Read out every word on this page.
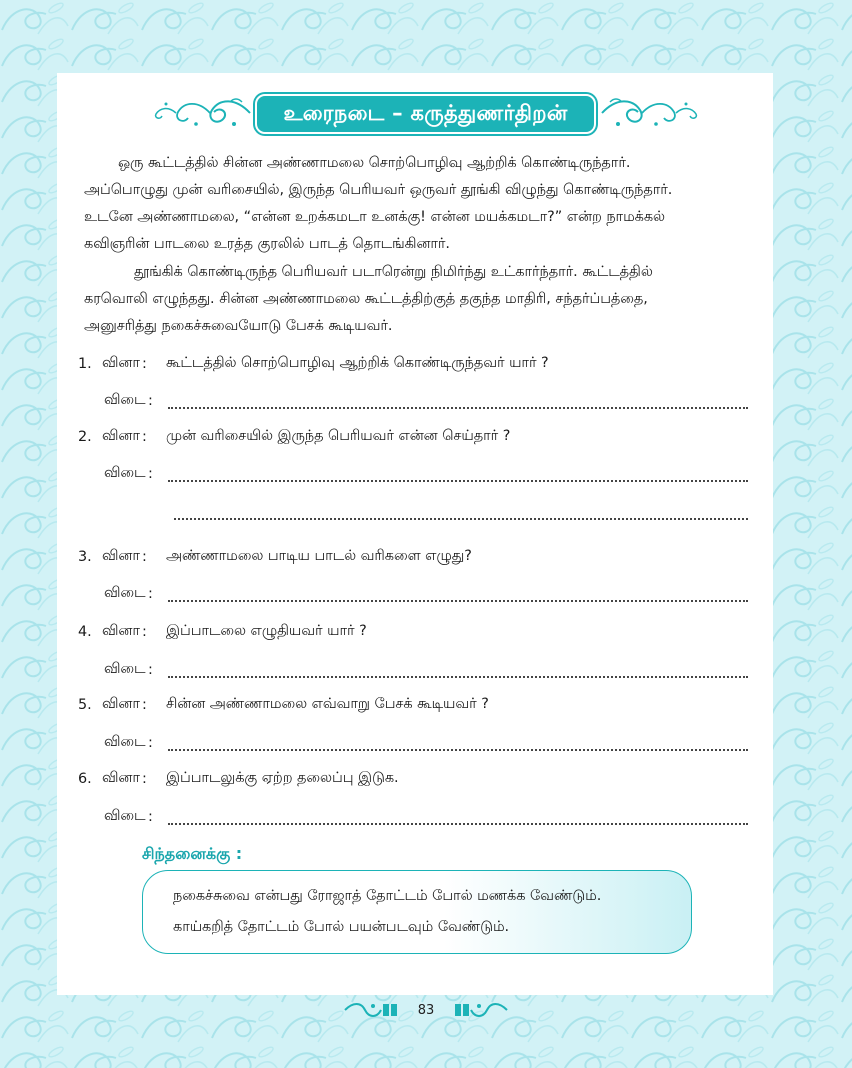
உரைநடை – கருத்துணர்திறன்
ஒரு கூட்டத்தில் சின்ன அண்ணாமலை சொற்பொழிவு ஆற்றிக் கொண்டிருந்தார்.
அப்பொழுது முன் வரிசையில், இருந்த பெரியவர் ஒருவர் தூங்கி விழுந்து கொண்டிருந்தார்.
உடனே அண்ணாமலை, “என்ன உறக்கமடா உனக்கு! என்ன மயக்கமடா?” என்ற நாமக்கல்
கவிஞரின் பாடலை உரத்த குரலில் பாடத் தொடங்கினார்.
தூங்கிக் கொண்டிருந்த பெரியவர் படாரென்று நிமிர்ந்து உட்கார்ந்தார். கூட்டத்தில்
கரவொலி எழுந்தது. சின்ன அண்ணாமலை கூட்டத்திற்குத் தகுந்த மாதிரி, சந்தர்ப்பத்தை,
அனுசரித்து நகைச்சுவையோடு பேசக் கூடியவர்.
1. வினா :	கூட்டத்தில் சொற்பொழிவு ஆற்றிக் கொண்டிருந்தவர் யார் ?
விடை :
2. வினா :	முன் வரிசையில் இருந்த பெரியவர் என்ன செய்தார் ?
விடை :
3. வினா :	அண்ணாமலை பாடிய பாடல் வரிகளை எழுது?
விடை :
4. வினா :	இப்பாடலை எழுதியவர் யார் ?
விடை :
5. வினா :	சின்ன அண்ணாமலை எவ்வாறு பேசக் கூடியவர் ?
விடை :
6. வினா :	இப்பாடலுக்கு ஏற்ற தலைப்பு இடுக.
விடை :
சிந்தனைக்கு :
நகைச்சுவை என்பது ரோஜாத் தோட்டம் போல் மணக்க வேண்டும்.
காய்கறித் தோட்டம் போல் பயன்படவும் வேண்டும்.
83
